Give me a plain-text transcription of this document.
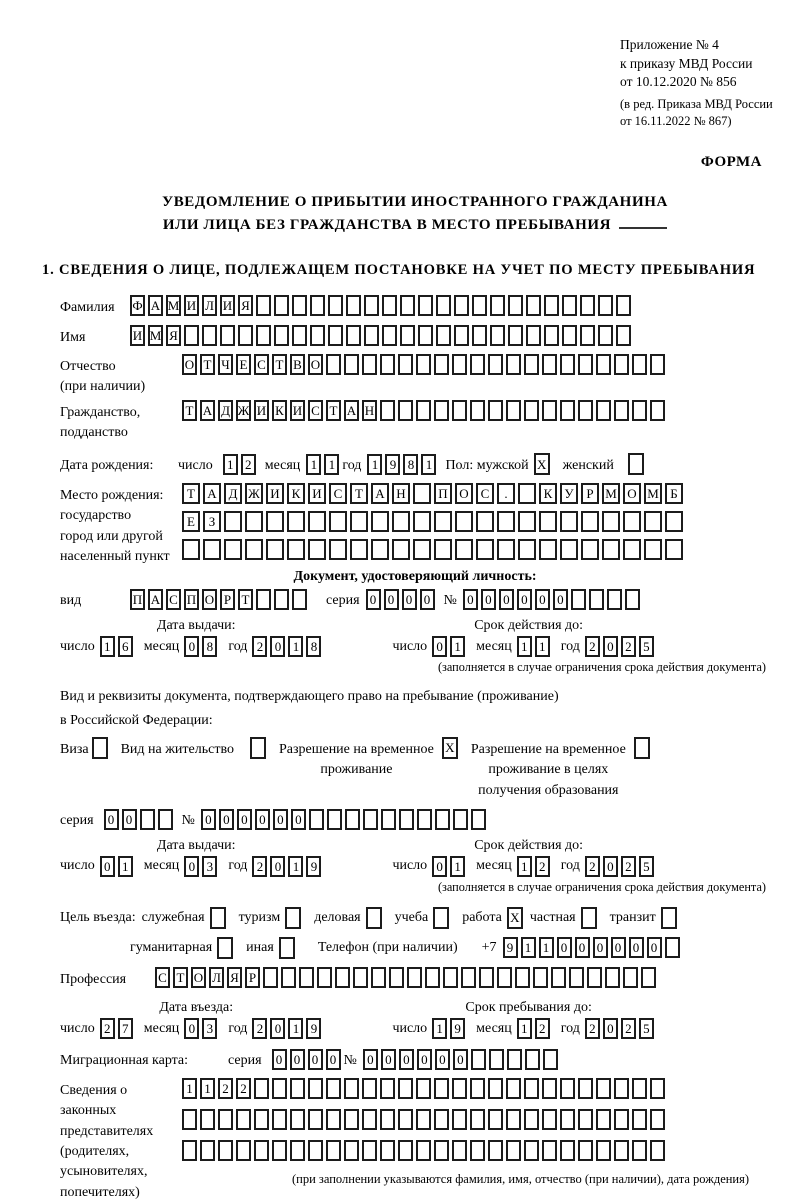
Приложение № 4
к приказу МВД России
от 10.12.2020 № 856
(в ред. Приказа МВД России
от 16.11.2022 № 867)
ФОРМА
УВЕДОМЛЕНИЕ О ПРИБЫТИИ ИНОСТРАННОГО ГРАЖДАНИНА
ИЛИ ЛИЦА БЕЗ ГРАЖДАНСТВА В МЕСТО ПРЕБЫВАНИЯ
1. СВЕДЕНИЯ О ЛИЦЕ, ПОДЛЕЖАЩЕМ ПОСТАНОВКЕ НА УЧЕТ ПО МЕСТУ ПРЕБЫВАНИЯ
Фамилия	Ф А М И Л И Я
Имя	И М Я
Отчество
(при наличии)
О Т Ч Е С Т В О
Гражданство,
подданство
Т А Д Ж И К И С Т А Н
Дата рождения:	число	1 2 месяц 1 1 год 1 9 8 1 Пол: мужской X женский
Место рождения:
государство
город или другой
населенный пункт
Т А Д Ж И К И С Т А Н	П О С	.	К У Р М О М Б
Е	З
Документ, удостоверяющий личность:
вид	П А С П О Р Т	серия 0 0 0 0 № 0 0 0 0 0 0
Дата выдачи:
число 1 6	месяц 0 8	год 2 0 1 8
Срок действия до:
число 0 1	месяц 1 1	год 2 0 2 5
(заполняется в случае ограничения срока действия документа)
Вид и реквизиты документа, подтверждающего право на пребывание (проживание)
в Российской Федерации:
Виза Вид на жительство	Разрешение на временное
проживание
X Разрешение на временное
проживание в целях
получения образования
серия	0 0	№ 0 0 0 0 0 0
Дата выдачи:
число 0 1	месяц 0 3	год 2 0 1 9
Срок действия до:
число 0 1	месяц 1 2	год 2 0 2 5
(заполняется в случае ограничения срока действия документа)
Цель въезда: служебная туризм деловая учеба работа X частная транзит
гуманитарная иная	Телефон (при наличии) +7 9 1 1 0 0 0 0 0 0
Профессия	С Т О Л Я Р
Дата въезда:
число 2 7	месяц 0 3	год 2 0 1 9
Срок пребывания до:
число 1 9	месяц 1 2	год 2 0 2 5
Миграционная карта:	серия	0 0 0 0 № 0 0 0 0 0 0
Сведения о
законных
представителях
(родителях,
усыновителях,
попечителях)
1 1 2 2
(при заполнении указываются фамилия, имя, отчество (при наличии), дата рождения)
